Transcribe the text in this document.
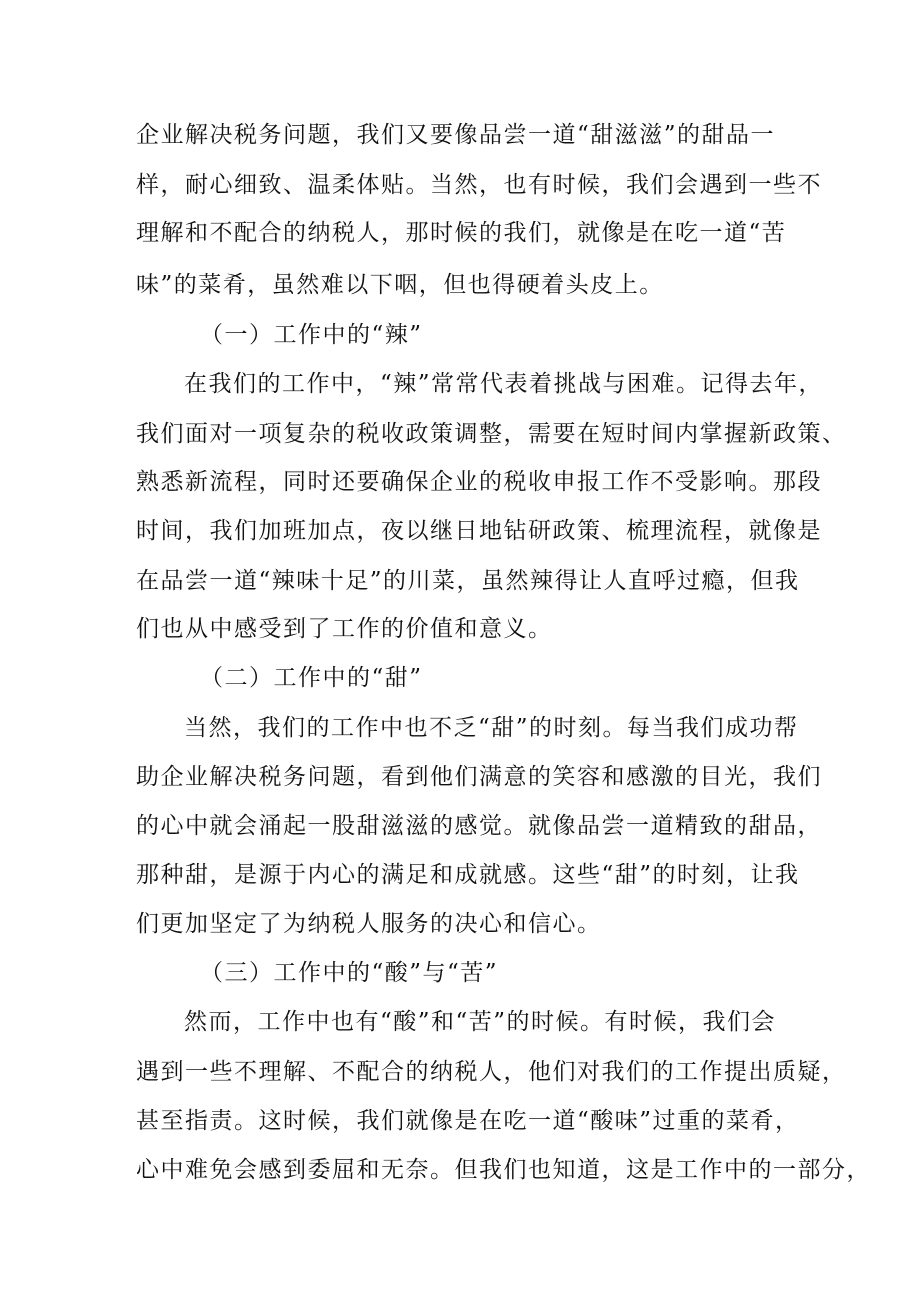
企业解决税务问题，我们又要像品尝一道“甜滋滋”的甜品一
样，耐心细致、温柔体贴。当然，也有时候，我们会遇到一些不
理解和不配合的纳税人，那时候的我们，就像是在吃一道“苦
味”的菜肴，虽然难以下咽，但也得硬着头皮上。
（一）工作中的“辣”
在我们的工作中，“辣”常常代表着挑战与困难。记得去年，
我们面对一项复杂的税收政策调整，需要在短时间内掌握新政策、
熟悉新流程，同时还要确保企业的税收申报工作不受影响。那段
时间，我们加班加点，夜以继日地钻研政策、梳理流程，就像是
在品尝一道“辣味十足”的川菜，虽然辣得让人直呼过瘾，但我
们也从中感受到了工作的价值和意义。
（二）工作中的“甜”
当然，我们的工作中也不乏“甜”的时刻。每当我们成功帮
助企业解决税务问题，看到他们满意的笑容和感激的目光，我们
的心中就会涌起一股甜滋滋的感觉。就像品尝一道精致的甜品，
那种甜，是源于内心的满足和成就感。这些“甜”的时刻，让我
们更加坚定了为纳税人服务的决心和信心。
（三）工作中的“酸”与“苦”
然而，工作中也有“酸”和“苦”的时候。有时候，我们会
遇到一些不理解、不配合的纳税人，他们对我们的工作提出质疑，
甚至指责。这时候，我们就像是在吃一道“酸味”过重的菜肴，
心中难免会感到委屈和无奈。但我们也知道，这是工作中的一部分，
